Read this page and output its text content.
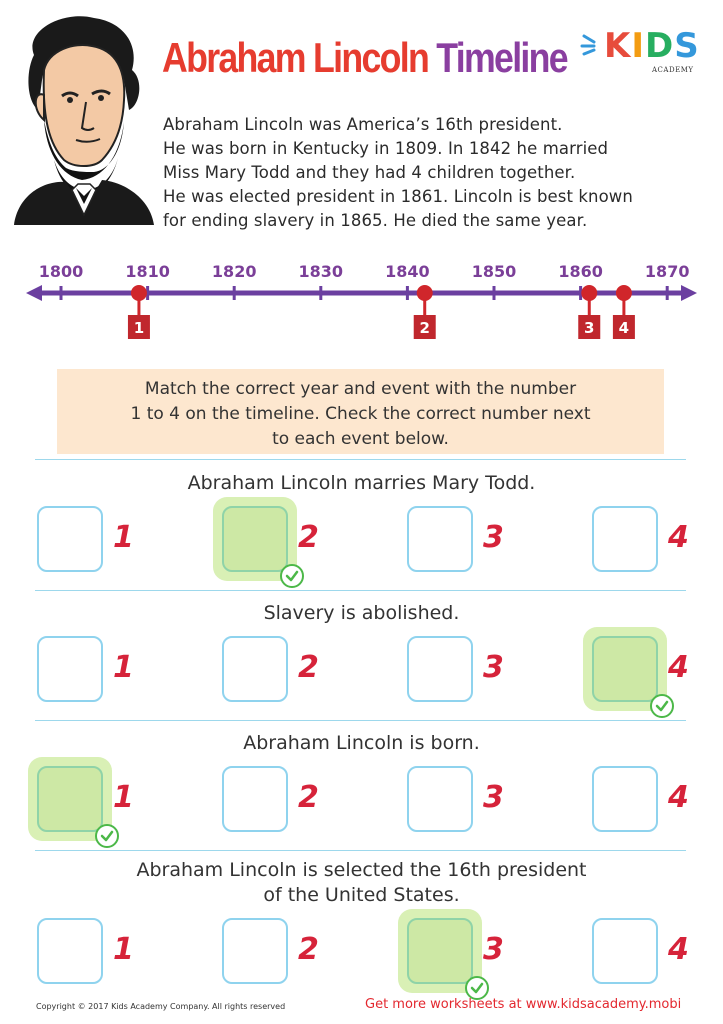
Abraham Lincoln Timeline KIDS
ACADEMY
Abraham Lincoln was America’s 16th president.
He was born in Kentucky in 1809. In 1842 he married
Miss Mary Todd and they had 4 children together.
He was elected president in 1861. Lincoln is best known
for ending slavery in 1865. He died the same year.
1800	1810	1820	1830	1840	1850	1860	1870
1	2	3 4
Match the correct year and event with the number
1 to 4 on the timeline. Check the correct number next
to each event below.
Abraham Lincoln marries Mary Todd.
1	2	3	4
Slavery is abolished.
1	2	3	4
Abraham Lincoln is born.
1	2	3	4
Abraham Lincoln is selected the 16th president
of the United States.
1	2	3	4
Copyright © 2017 Kids Academy Company. All rights reserved	Get more worksheets at www.kidsacademy.mobi
